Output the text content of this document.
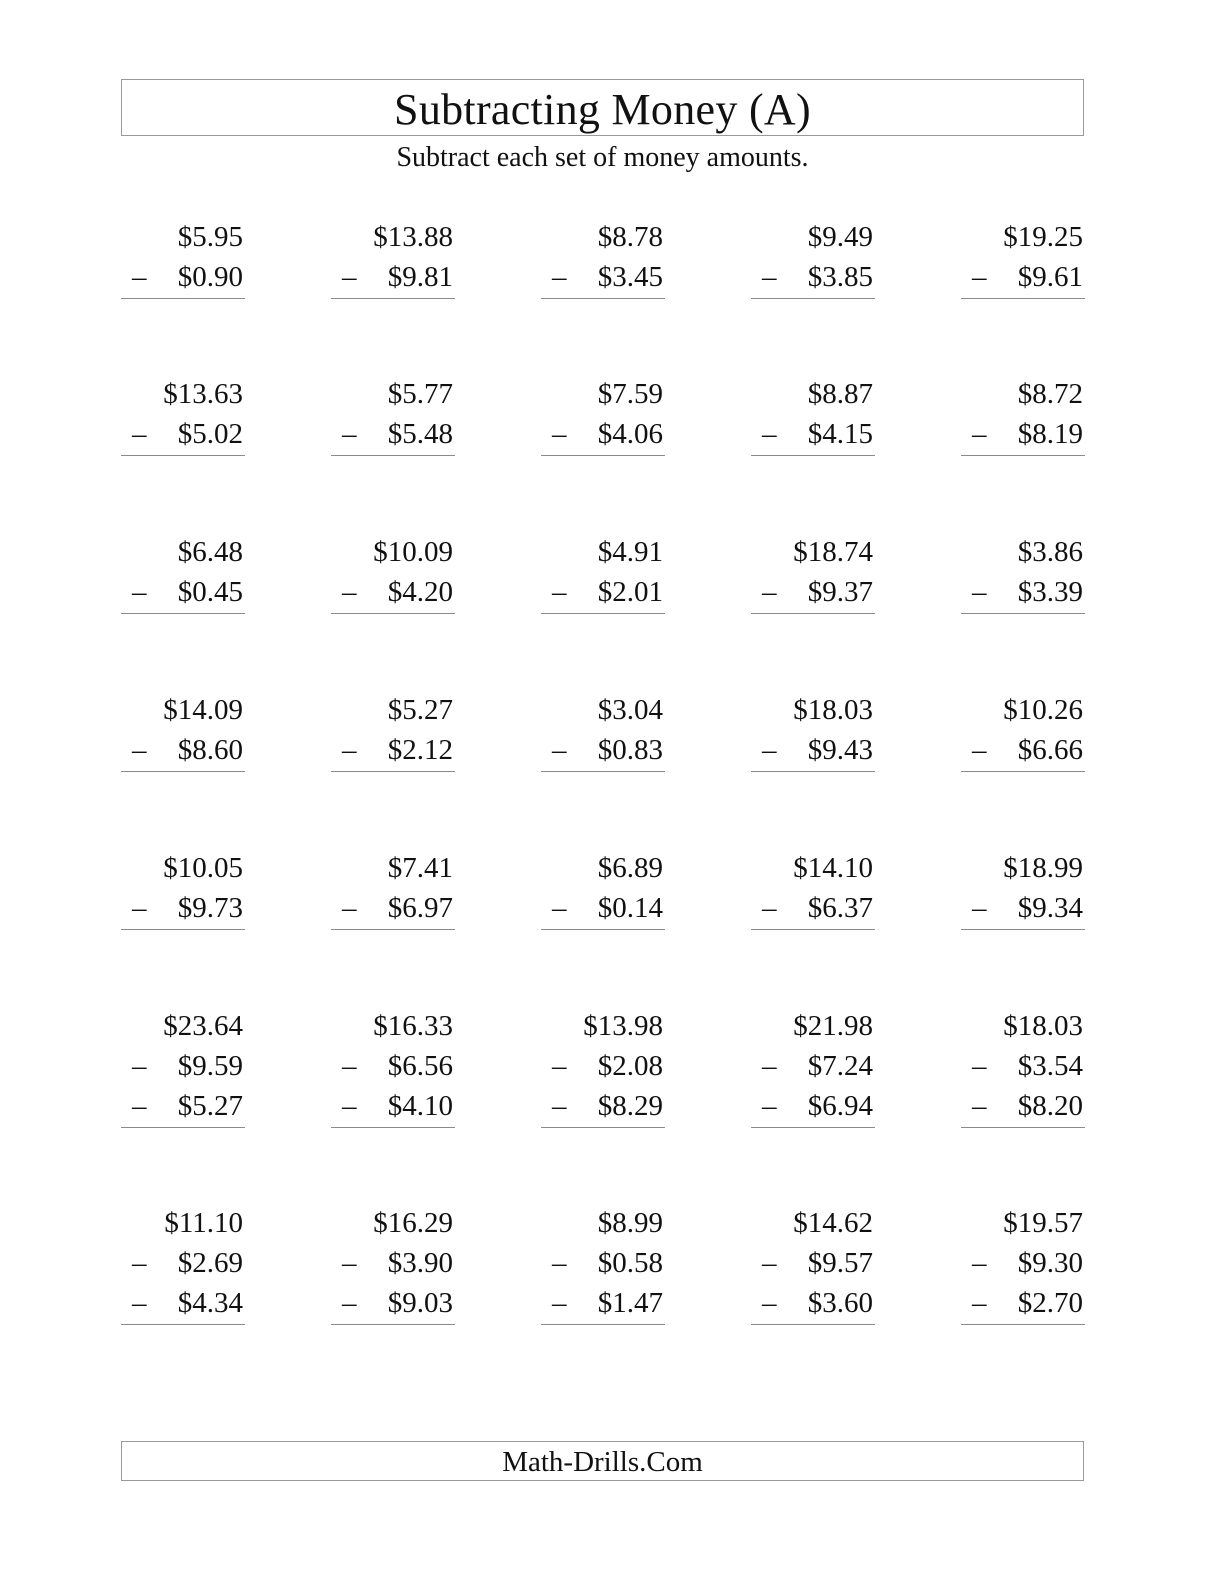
Subtracting Money (A)
Subtract each set of money amounts.
$5.95
– $0.90
$13.88
– $9.81
$8.78
– $3.45
$9.49
– $3.85
$19.25
– $9.61
$13.63
– $5.02
$5.77
– $5.48
$7.59
– $4.06
$8.87
– $4.15
$8.72
– $8.19
$6.48
– $0.45
$10.09
– $4.20
$4.91
– $2.01
$18.74
– $9.37
$3.86
– $3.39
$14.09
– $8.60
$5.27
– $2.12
$3.04
– $0.83
$18.03
– $9.43
$10.26
– $6.66
$10.05
– $9.73
$7.41
– $6.97
$6.89
– $0.14
$14.10
– $6.37
$18.99
– $9.34
$23.64
– $9.59
– $5.27
$16.33
– $6.56
– $4.10
$13.98
– $2.08
– $8.29
$21.98
– $7.24
– $6.94
$18.03
– $3.54
– $8.20
$11.10
– $2.69
– $4.34
$16.29
– $3.90
– $9.03
$8.99
– $0.58
– $1.47
$14.62
– $9.57
– $3.60
$19.57
– $9.30
– $2.70
Math-Drills.Com
